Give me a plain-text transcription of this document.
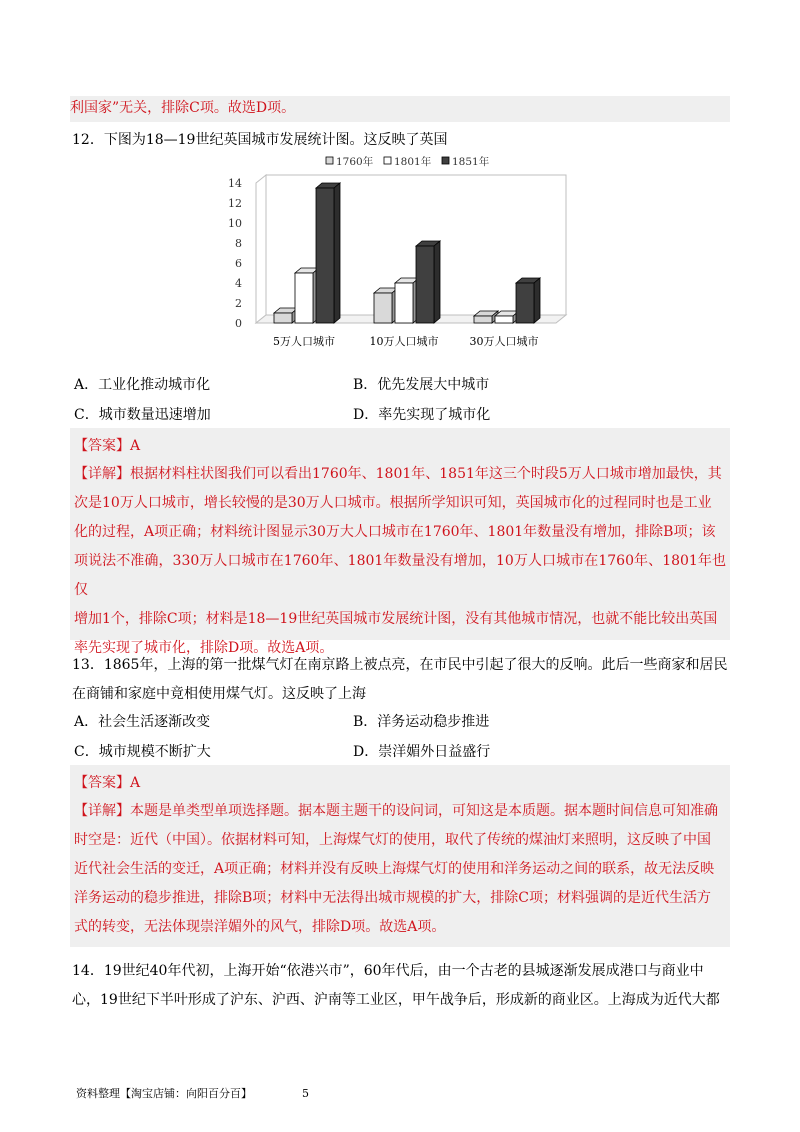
利国家”无关，排除C项。故选D项。
12．下图为18—19世纪英国城市发展统计图。这反映了英国
1760年 1801年 1851年
0
2
4
6
8
10
12
14
5万人口城市	10万人口城市	30万人口城市
A．工业化推动城市化	B．优先发展大中城市
C．城市数量迅速增加	D．率先实现了城市化
【答案】A
【详解】根据材料柱状图我们可以看出1760年、1801年、1851年这三个时段5万人口城市增加最快，其
次是10万人口城市，增长较慢的是30万人口城市。根据所学知识可知，英国城市化的过程同时也是工业
化的过程，A项正确；材料统计图显示30万大人口城市在1760年、1801年数量没有增加，排除B项；该
项说法不准确，330万人口城市在1760年、1801年数量没有增加，10万人口城市在1760年、1801年也仅
增加1个，排除C项；材料是18—19世纪英国城市发展统计图，没有其他城市情况，也就不能比较出英国
率先实现了城市化，排除D项。故选A项。
13．1865年，上海的第一批煤气灯在南京路上被点亮，在市民中引起了很大的反响。此后一些商家和居民
在商铺和家庭中竟相使用煤气灯。这反映了上海
A．社会生活逐渐改变	B．洋务运动稳步推进
C．城市规模不断扩大	D．崇洋媚外日益盛行
【答案】A
【详解】本题是单类型单项选择题。据本题主题干的设问词，可知这是本质题。据本题时间信息可知准确
时空是：近代（中国）。依据材料可知，上海煤气灯的使用，取代了传统的煤油灯来照明，这反映了中国
近代社会生活的变迁，A项正确；材料并没有反映上海煤气灯的使用和洋务运动之间的联系，故无法反映
洋务运动的稳步推进，排除B项；材料中无法得出城市规模的扩大，排除C项；材料强调的是近代生活方
式的转变，无法体现崇洋媚外的风气，排除D项。故选A项。
14．19世纪40年代初，上海开始“依港兴市”，60年代后，由一个古老的县城逐渐发展成港口与商业中
心，19世纪下半叶形成了沪东、沪西、沪南等工业区，甲午战争后，形成新的商业区。上海成为近代大都
资料整理【淘宝店铺：向阳百分百】	5
